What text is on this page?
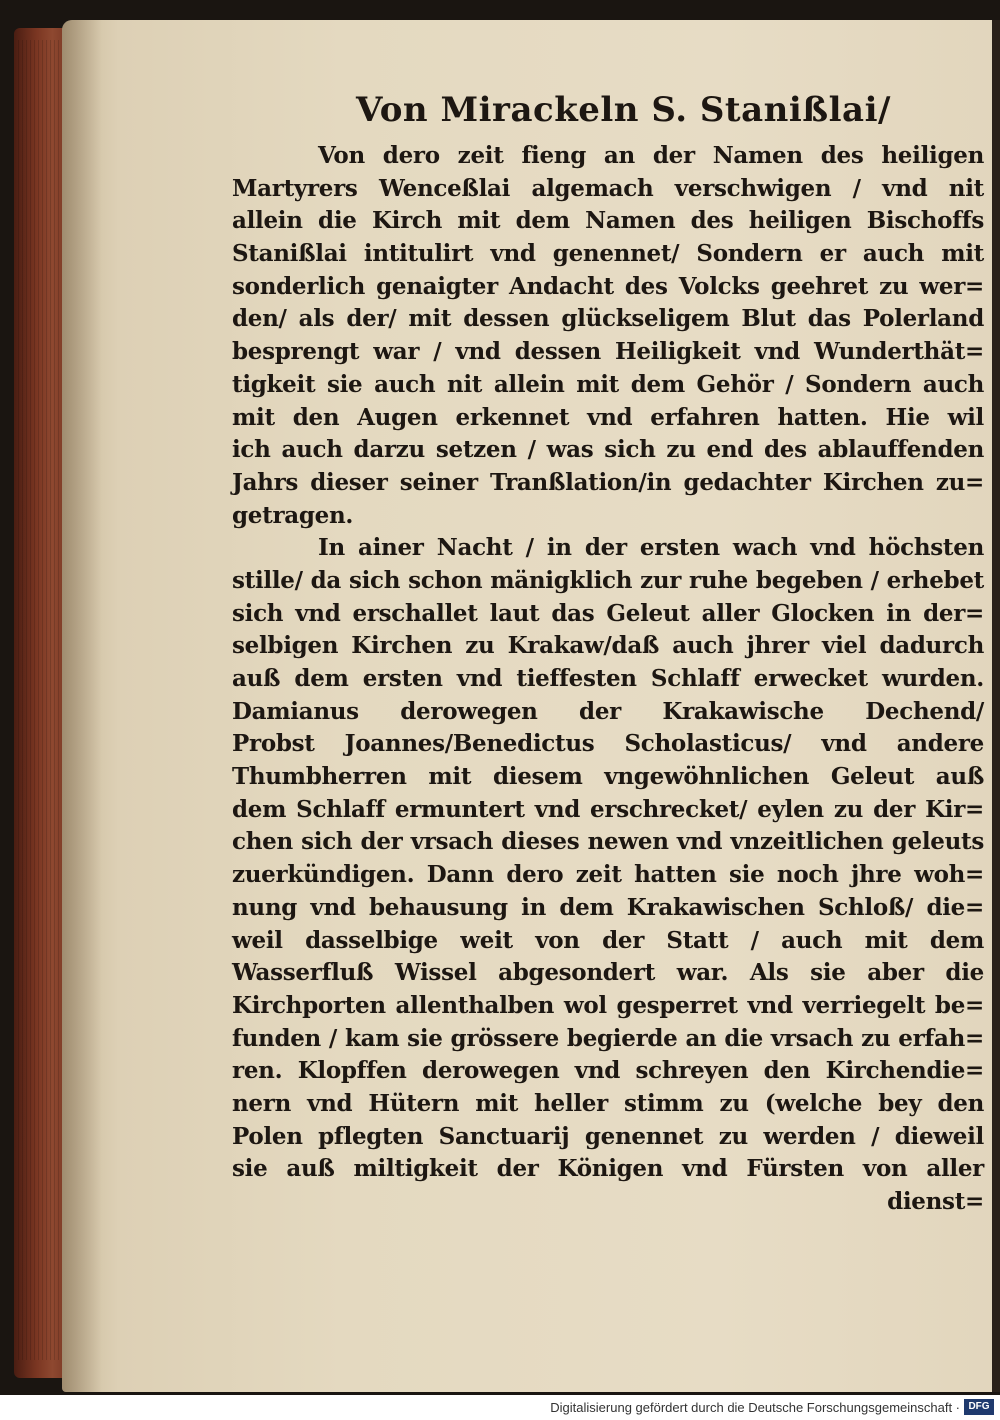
Von Mirackeln S. Stanißlai/
Von dero zeit fieng an der Namen des heiligen
Martyrers Wenceßlai algemach verschwigen / vnd nit
allein die Kirch mit dem Namen des heiligen Bischoffs
Stanißlai intitulirt vnd genennet/ Sondern er auch mit
sonderlich genaigter Andacht des Volcks geehret zu wer=
den/ als der/ mit dessen glückseligem Blut das Polerland
besprengt war / vnd dessen Heiligkeit vnd Wunderthät=
tigkeit sie auch nit allein mit dem Gehör / Sondern auch
mit den Augen erkennet vnd erfahren hatten. Hie wil
ich auch darzu setzen / was sich zu end des ablauffenden
Jahrs dieser seiner Tranßlation/in gedachter Kirchen zu=
getragen.
In ainer Nacht / in der ersten wach vnd höchsten
stille/ da sich schon mänigklich zur ruhe begeben / erhebet
sich vnd erschallet laut das Geleut aller Glocken in der=
selbigen Kirchen zu Krakaw/daß auch jhrer viel dadurch
auß dem ersten vnd tieffesten Schlaff erwecket wurden.
Damianus derowegen der Krakawische Dechend/
Probst Joannes/Benedictus Scholasticus/ vnd andere
Thumbherren mit diesem vngewöhnlichen Geleut auß
dem Schlaff ermuntert vnd erschrecket/ eylen zu der Kir=
chen sich der vrsach dieses newen vnd vnzeitlichen geleuts
zuerkündigen. Dann dero zeit hatten sie noch jhre woh=
nung vnd behausung in dem Krakawischen Schloß/ die=
weil dasselbige weit von der Statt / auch mit dem
Wasserfluß Wissel abgesondert war. Als sie aber die
Kirchporten allenthalben wol gesperret vnd verriegelt be=
funden / kam sie grössere begierde an die vrsach zu erfah=
ren. Klopffen derowegen vnd schreyen den Kirchendie=
nern vnd Hütern mit heller stimm zu (welche bey den
Polen pflegten Sanctuarij genennet zu werden / dieweil
sie auß miltigkeit der Königen vnd Fürsten von aller
dienst=
Digitalisierung gefördert durch die Deutsche Forschungsgemeinschaft · DFG
